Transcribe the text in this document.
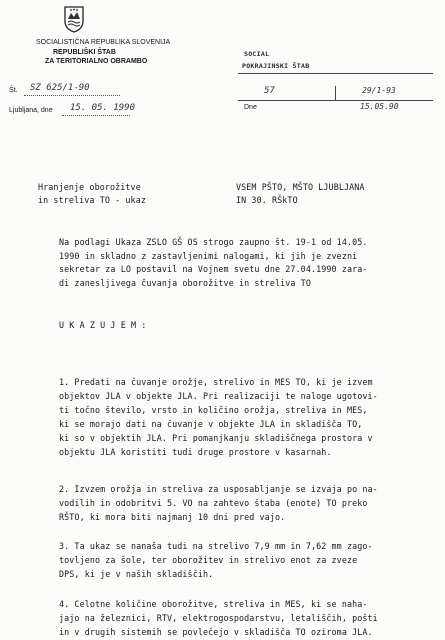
SOCIALISTIČNA REPUBLIKA SLOVENIJA
REPUBLIŠKI ŠTAB
ZA TERITORIALNO OBRAMBO
Št. SZ 625/1-90
Ljubljana, dne 15. 05. 1990
SOCIAL
POKRAJINSKI ŠTAB
57	29/1-93
Dne	15.05.90
Hranjenje oborožitve
in streliva TO - ukaz
VSEM PŠTO, MŠTO LJUBLJANA
IN 30. RŠkTO
Na podlagi Ukaza ZSLO GŠ OS strogo zaupno št. 19-1 od 14.05.
1990 in skladno z zastavljenimi nalogami, ki jih je zvezni
sekretar za LO postavil na Vojnem svetu dne 27.04.1990 zara-
di zanesljivega čuvanja oborožitve in streliva TO
U K A Z U J E M :
1. Predati na čuvanje orožje, strelivo in MES TO, ki je izvem
objektov JLA v objekte JLA. Pri realizaciji te naloge ugotovi-
ti točno število, vrsto in količino orožja, streliva in MES,
ki se morajo dati na čuvanje v objekte JLA in skladišča TO,
ki so v objektih JLA. Pri pomanjkanju skladiščnega prostora v
objektu JLA koristiti tudi druge prostore v kasarnah.
2. Izvzem orožja in streliva za usposabljanje se izvaja po na-
vodilih in odobritvi 5. VO na zahtevo štaba (enote) TO preko
RŠTO, ki mora biti najmanj 10 dni pred vajo.
3. Ta ukaz se nanaša tudi na strelivo 7,9 mm in 7,62 mm zago-
tovljeno za šole, ter oborožitev in strelivo enot za zveze
DPS, ki je v naših skladiščih.
4. Celotne količine oborožitve, streliva in MES, ki se naha-
jajo na železnici, RTV, elektrogospodarstvu, letališčih, pošti
in v drugih sistemih se povlečejo v skladišča TO oziroma JLA.
